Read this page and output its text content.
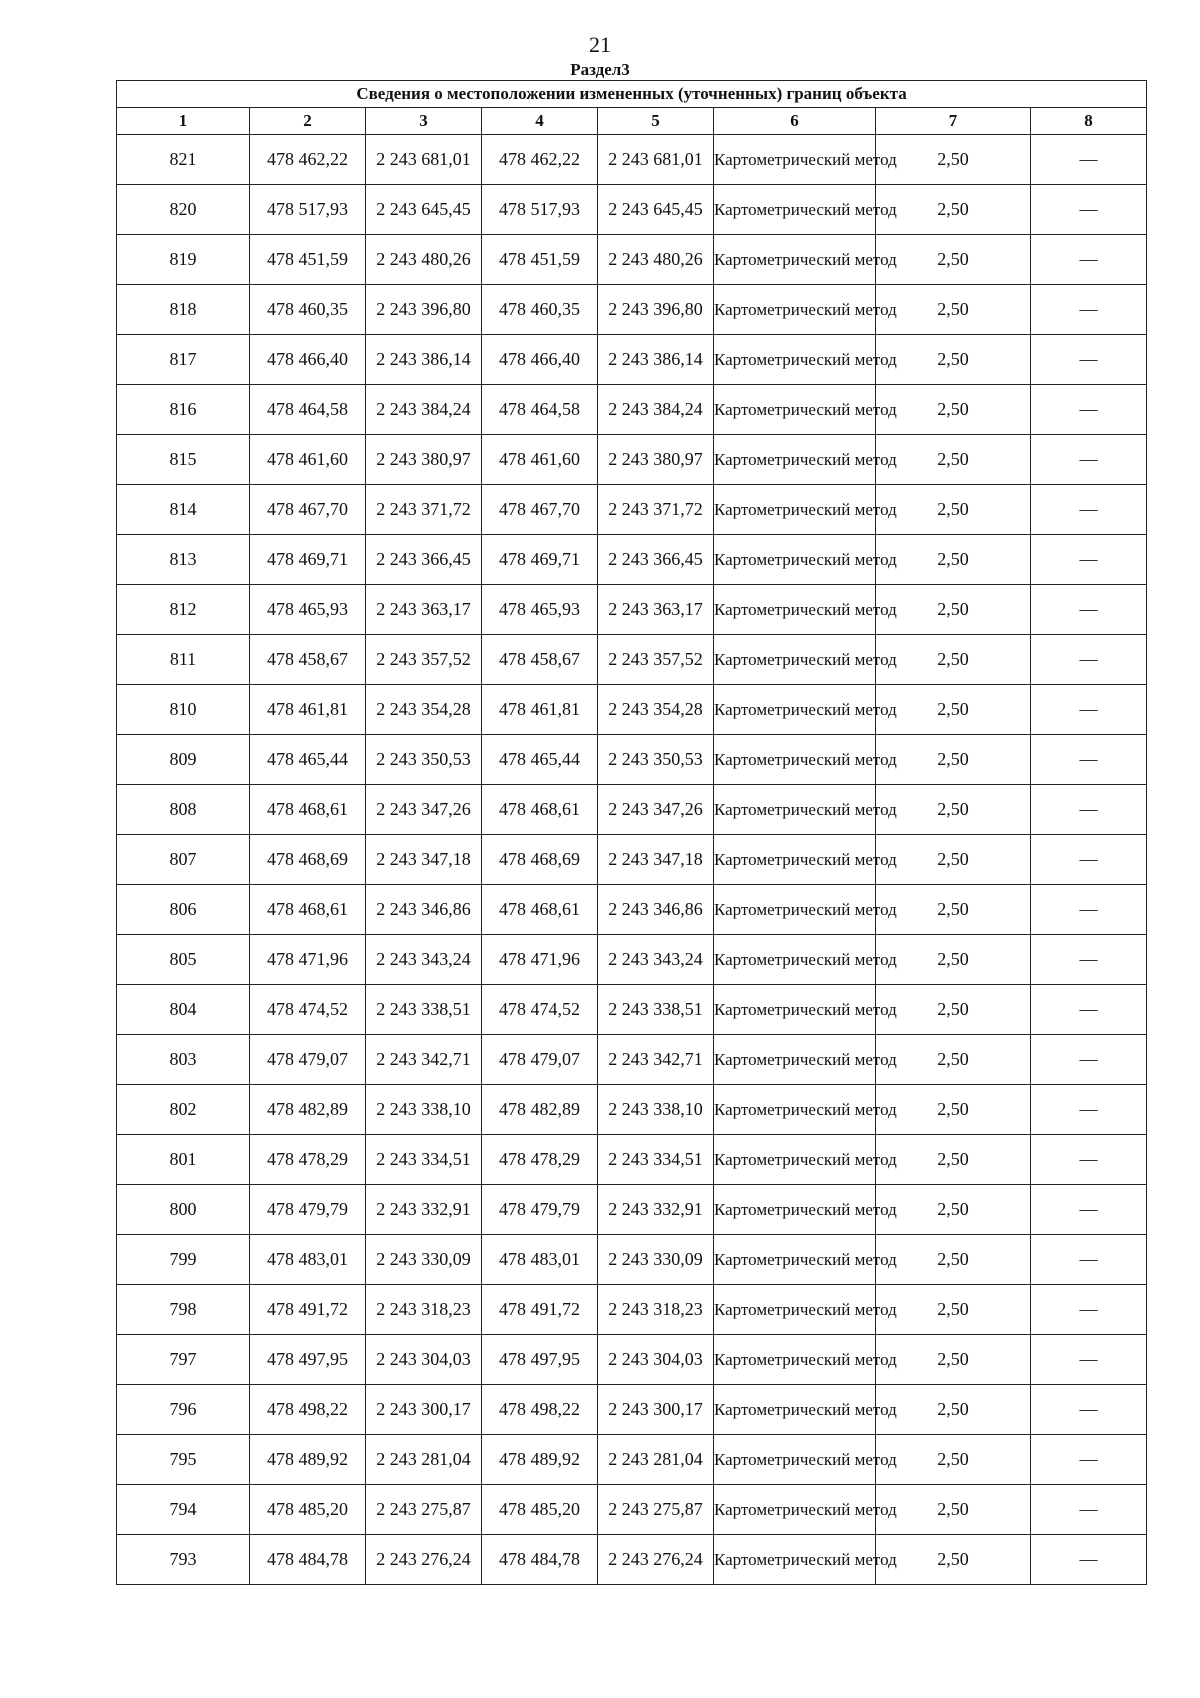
21
Раздел3
Сведения о местоположении измененных (уточненных) границ объекта							
1	2	3	4	5	6	7	8
821	478 462,22	2 243 681,01	478 462,22	2 243 681,01	Картометрический метод	2,50	—
820	478 517,93	2 243 645,45	478 517,93	2 243 645,45	Картометрический метод	2,50	—
819	478 451,59	2 243 480,26	478 451,59	2 243 480,26	Картометрический метод	2,50	—
818	478 460,35	2 243 396,80	478 460,35	2 243 396,80	Картометрический метод	2,50	—
817	478 466,40	2 243 386,14	478 466,40	2 243 386,14	Картометрический метод	2,50	—
816	478 464,58	2 243 384,24	478 464,58	2 243 384,24	Картометрический метод	2,50	—
815	478 461,60	2 243 380,97	478 461,60	2 243 380,97	Картометрический метод	2,50	—
814	478 467,70	2 243 371,72	478 467,70	2 243 371,72	Картометрический метод	2,50	—
813	478 469,71	2 243 366,45	478 469,71	2 243 366,45	Картометрический метод	2,50	—
812	478 465,93	2 243 363,17	478 465,93	2 243 363,17	Картометрический метод	2,50	—
811	478 458,67	2 243 357,52	478 458,67	2 243 357,52	Картометрический метод	2,50	—
810	478 461,81	2 243 354,28	478 461,81	2 243 354,28	Картометрический метод	2,50	—
809	478 465,44	2 243 350,53	478 465,44	2 243 350,53	Картометрический метод	2,50	—
808	478 468,61	2 243 347,26	478 468,61	2 243 347,26	Картометрический метод	2,50	—
807	478 468,69	2 243 347,18	478 468,69	2 243 347,18	Картометрический метод	2,50	—
806	478 468,61	2 243 346,86	478 468,61	2 243 346,86	Картометрический метод	2,50	—
805	478 471,96	2 243 343,24	478 471,96	2 243 343,24	Картометрический метод	2,50	—
804	478 474,52	2 243 338,51	478 474,52	2 243 338,51	Картометрический метод	2,50	—
803	478 479,07	2 243 342,71	478 479,07	2 243 342,71	Картометрический метод	2,50	—
802	478 482,89	2 243 338,10	478 482,89	2 243 338,10	Картометрический метод	2,50	—
801	478 478,29	2 243 334,51	478 478,29	2 243 334,51	Картометрический метод	2,50	—
800	478 479,79	2 243 332,91	478 479,79	2 243 332,91	Картометрический метод	2,50	—
799	478 483,01	2 243 330,09	478 483,01	2 243 330,09	Картометрический метод	2,50	—
798	478 491,72	2 243 318,23	478 491,72	2 243 318,23	Картометрический метод	2,50	—
797	478 497,95	2 243 304,03	478 497,95	2 243 304,03	Картометрический метод	2,50	—
796	478 498,22	2 243 300,17	478 498,22	2 243 300,17	Картометрический метод	2,50	—
795	478 489,92	2 243 281,04	478 489,92	2 243 281,04	Картометрический метод	2,50	—
794	478 485,20	2 243 275,87	478 485,20	2 243 275,87	Картометрический метод	2,50	—
793	478 484,78	2 243 276,24	478 484,78	2 243 276,24	Картометрический метод	2,50	—
